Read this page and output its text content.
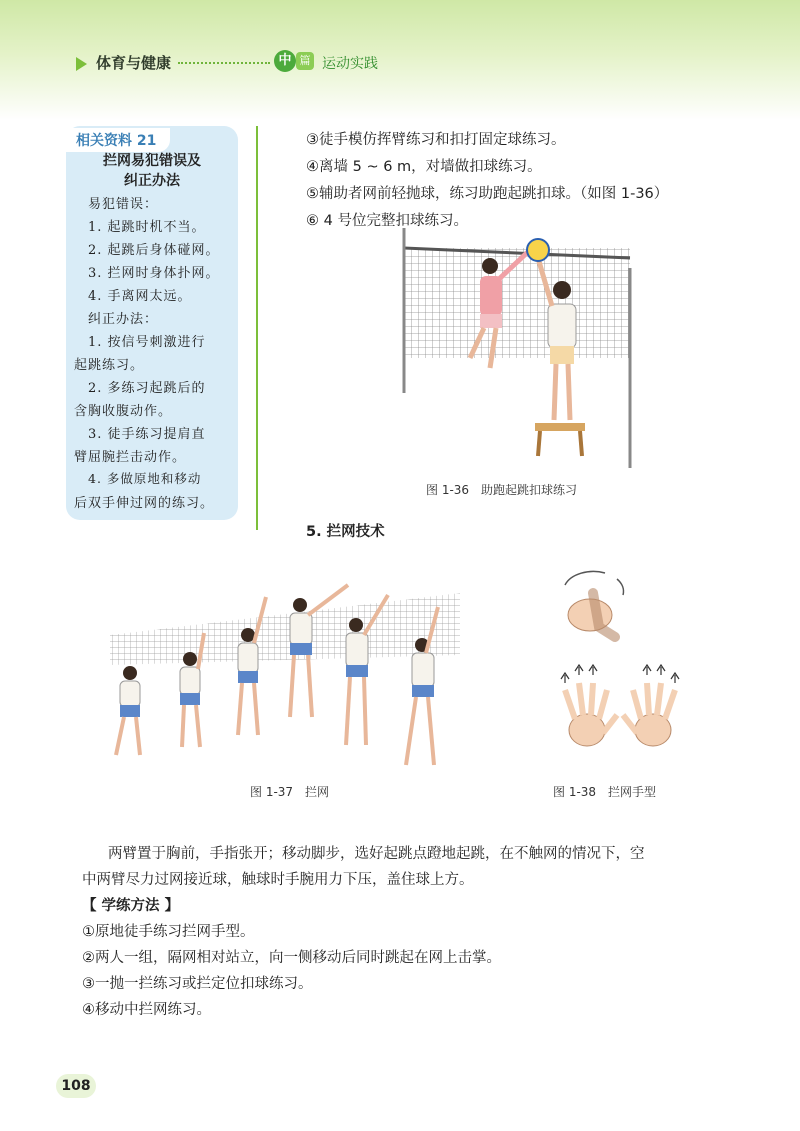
体育与健康	中 篇 运动实践
相关资料 21
拦网易犯错误及
纠正办法
易犯错误：
1. 起跳时机不当。
2. 起跳后身体碰网。
3. 拦网时身体扑网。
4. 手离网太远。
纠正办法：
1. 按信号刺激进行
起跳练习。
2. 多练习起跳后的
含胸收腹动作。
3. 徒手练习提肩直
臂屈腕拦击动作。
4. 多做原地和移动
③徒手模仿挥臂练习和扣打固定球练习。
④离墙 5 ~ 6 m，对墙做扣球练习。
⑤辅助者网前轻抛球，练习助跑起跳扣球。（如图 1-36）
⑥ 4 号位完整扣球练习。
图 1-36　助跑起跳扣球练习
5. 拦网技术
图 1-37　拦网	图 1-38　拦网手型
两臂置于胸前，手指张开；移动脚步，选好起跳点蹬地起跳，在不触网的情况下，空
中两臂尽力过网接近球，触球时手腕用力下压，盖住球上方。
【 学练方法 】
①原地徒手练习拦网手型。
②两人一组，隔网相对站立，向一侧移动后同时跳起在网上击掌。
③一抛一拦练习或拦定位扣球练习。
④移动中拦网练习。
108
后双手伸过网的练习。
